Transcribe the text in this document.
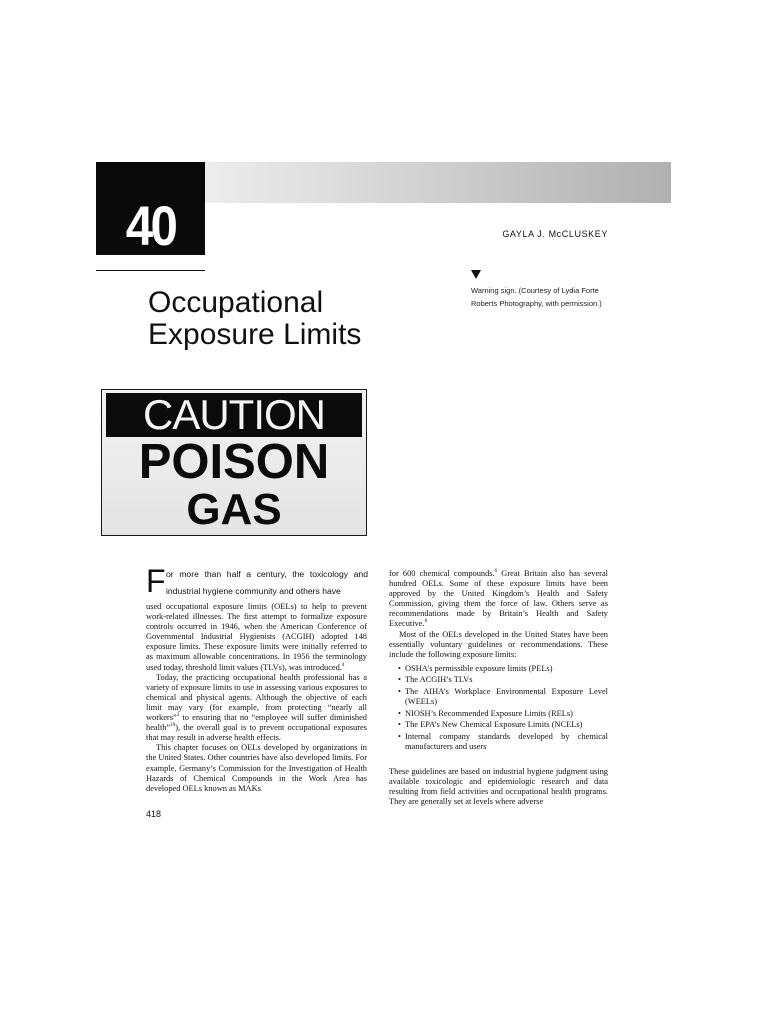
40	GAYLA J. McCLUSKEY
Occupational
Exposure Limits
Warning sign. (Courtesy of Lydia Forte Roberts Photography, with permission.)
CAUTION
POISON
GAS
F or more than half a century, the toxicology and industrial hygiene community and others have

used occupational exposure limits (OELs) to help to prevent work-related illnesses. The first attempt to formalize exposure controls occurred in 1946, when the American Conference of Governmental Industrial Hygienists (ACGIH) adopted 148 exposure limits. These exposure limits were initially referred to as maximum allowable concentrations. In 1956 the terminology used today, threshold limit values (TLVs), was introduced.$^4$

Today, the practicing occupational health professional has a variety of exposure limits to use in assessing various exposures to chemical and physical agents. Although the objective of each limit may vary (for example, from protecting “nearly all workers”$^3$ to ensuring that no “employee will suffer diminished health”$^{19}$), the overall goal is to prevent occupational exposures that may result in adverse health effects.

This chapter focuses on OELs developed by organizations in the United States. Other countries have also developed limits. For example, Germany’s Commission for the Investigation of Health Hazards of Chemical Compounds in the Work Area has developed OELs known as MAKs

for 600 chemical compounds.$^6$ Great Britain also has several hundred OELs. Some of these exposure limits have been approved by the United Kingdom’s Health and Safety Commission, giving them the force of law. Others serve as recommendations made by Britain’s Health and Safety Executive.$^8$

Most of the OELs developed in the United States have been essentially voluntary guidelines or recommendations. These include the following exposure limits:

• OSHA’s permissible exposure limits (PELs)
• The ACGIH’s TLVs
• The AIHA’s Workplace Environmental Exposure Level (WEELs)
• NIOSH’s Recommended Exposure Limits (RELs)
• The EPA’s New Chemical Exposure Limits (NCELs)
• Internal company standards developed by chemical manufacturers and users

These guidelines are based on industrial hygiene judgment using available toxicologic and epidemiologic research and data resulting from field activities and occupational health programs. They are generally set at levels where adverse

418
